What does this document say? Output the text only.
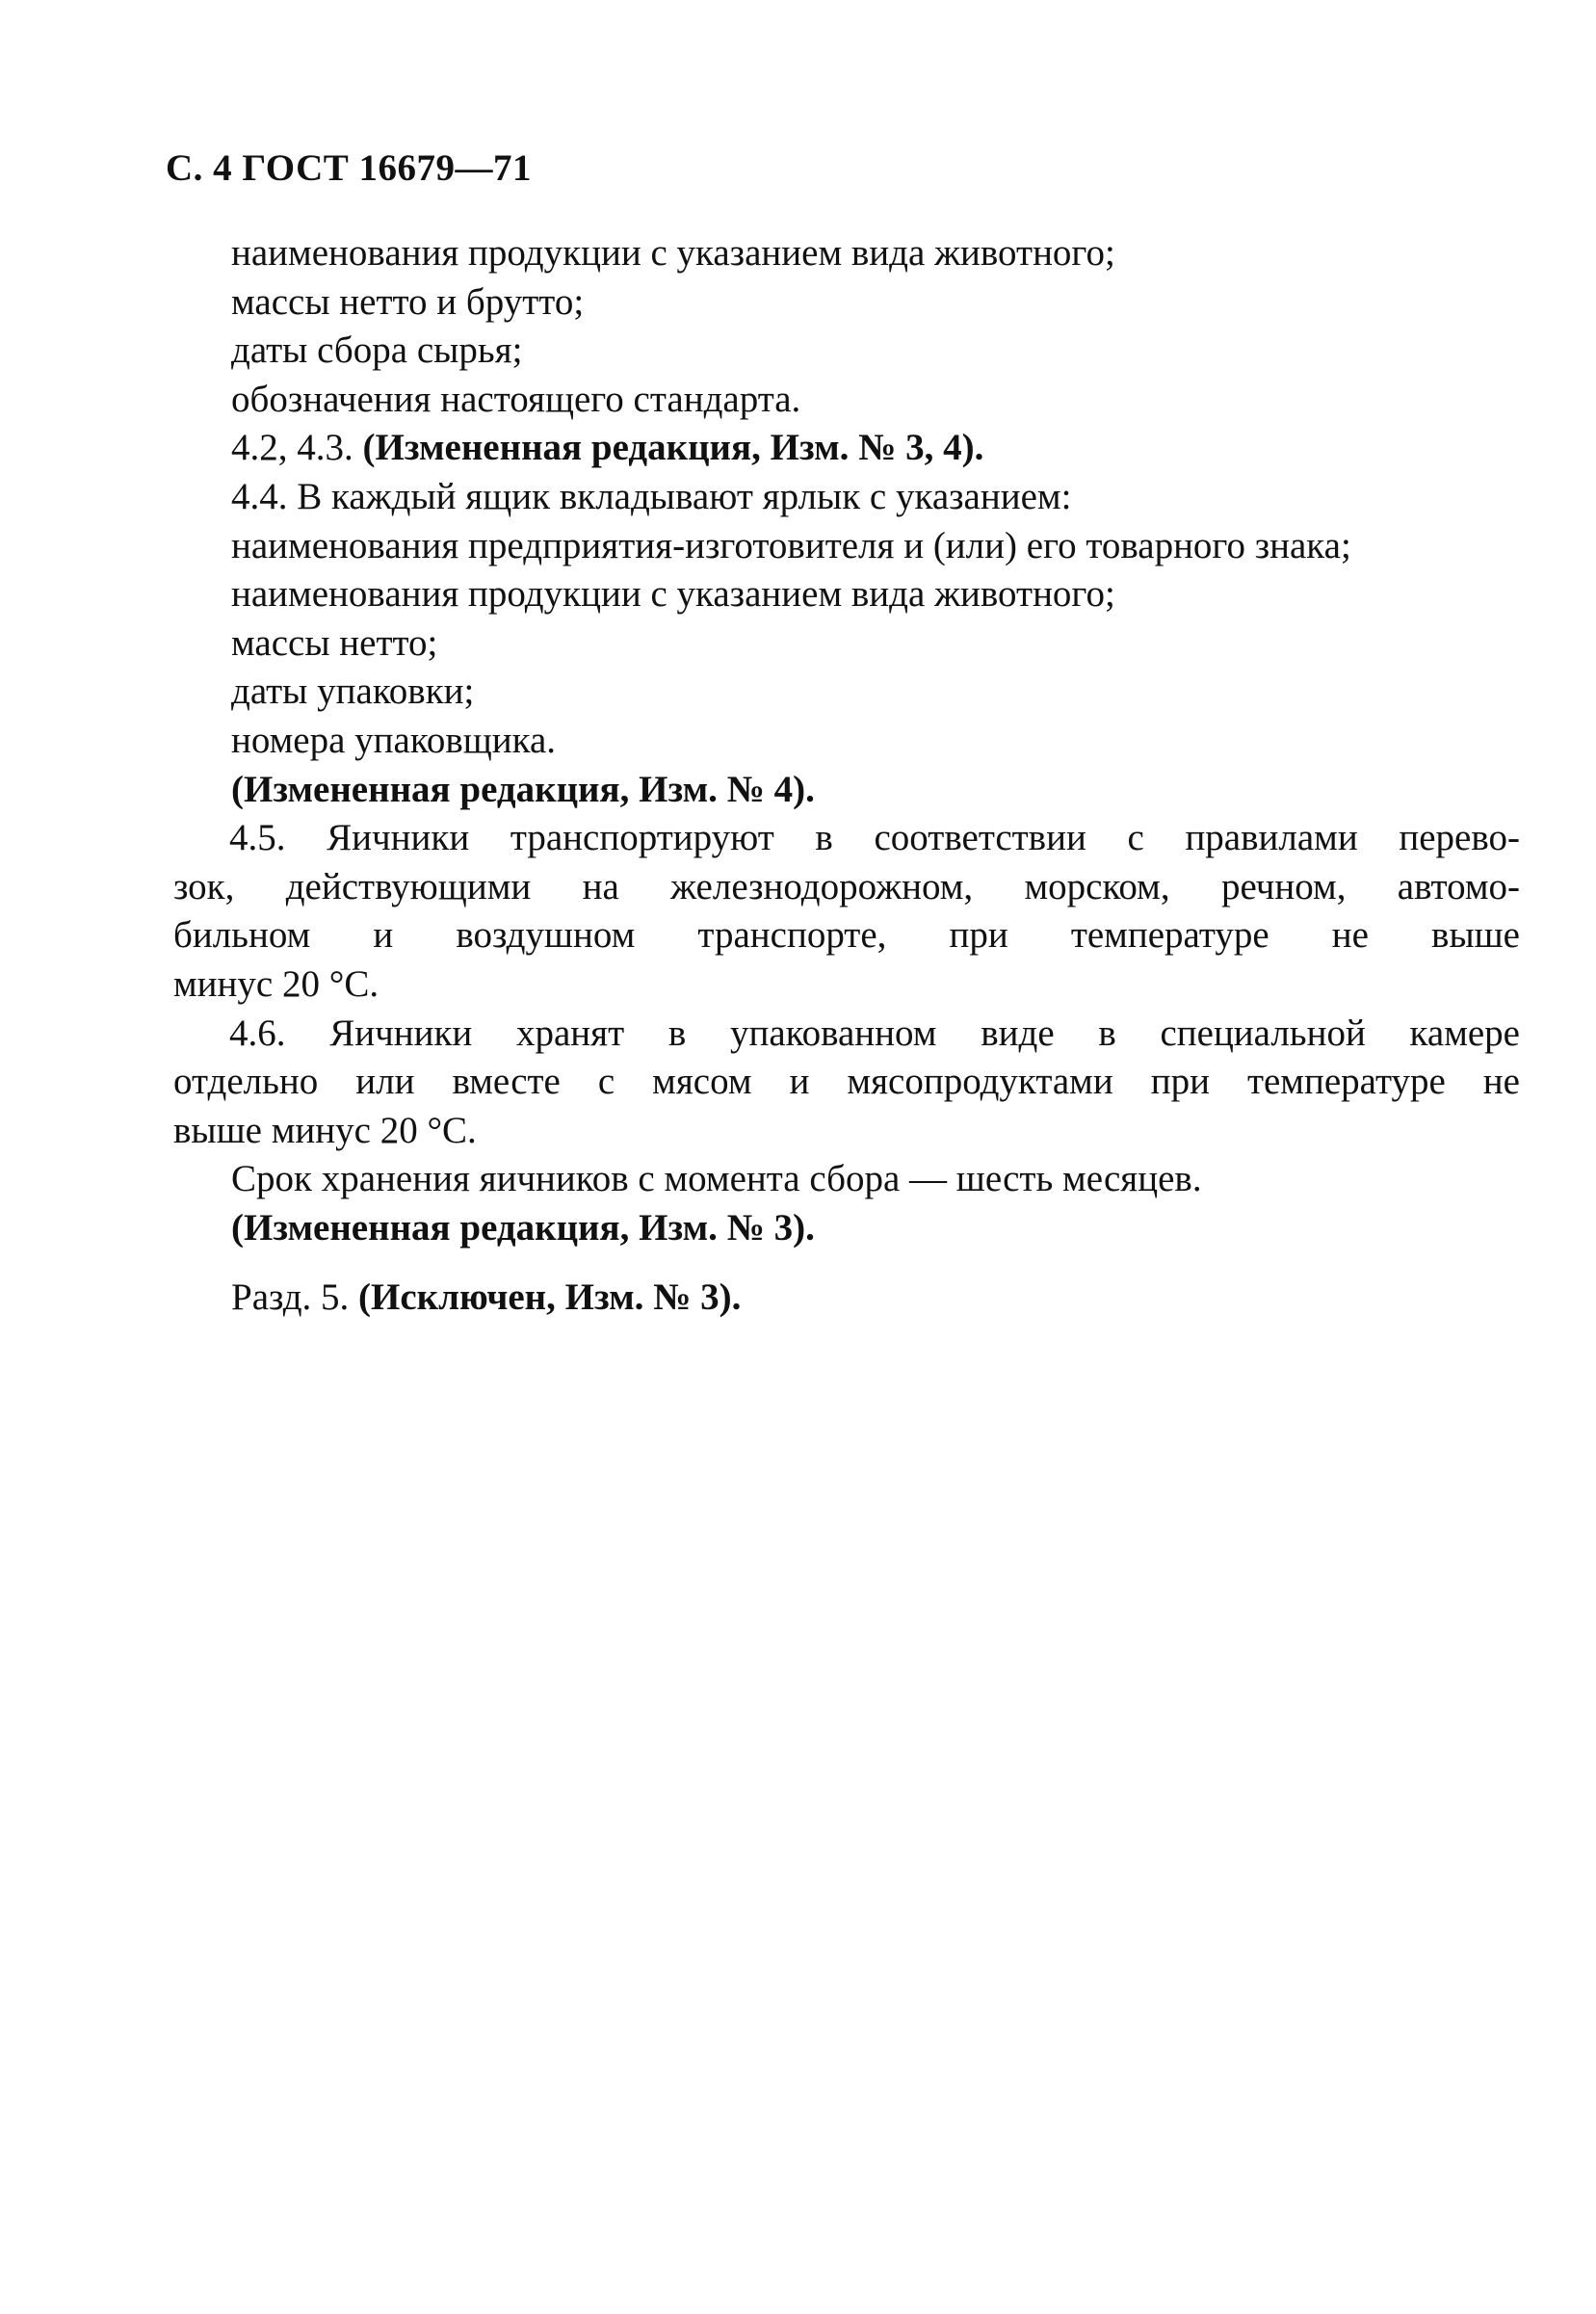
С. 4 ГОСТ 16679—71
наименования продукции с указанием вида животного;
массы нетто и брутто;
даты сбора сырья;
обозначения настоящего стандарта.
4.2, 4.3. (Измененная редакция, Изм. № 3, 4).
4.4. В каждый ящик вкладывают ярлык с указанием:
наименования предприятия-изготовителя и (или) его товарного знака;
наименования продукции с указанием вида животного;
массы нетто;
даты упаковки;
номера упаковщика.
(Измененная редакция, Изм. № 4).
4.5. Яичники транспортируют в соответствии с правилами перево-
зок, действующими на железнодорожном, морском, речном, автомо-
бильном и воздушном транспорте, при температуре не выше
минус 20 °С.
4.6. Яичники хранят в упакованном виде в специальной камере
отдельно или вместе с мясом и мясопродуктами при температуре не
выше минус 20 °С.
Срок хранения яичников с момента сбора — шесть месяцев.
(Измененная редакция, Изм. № 3).
Разд. 5. (Исключен, Изм. № 3).
